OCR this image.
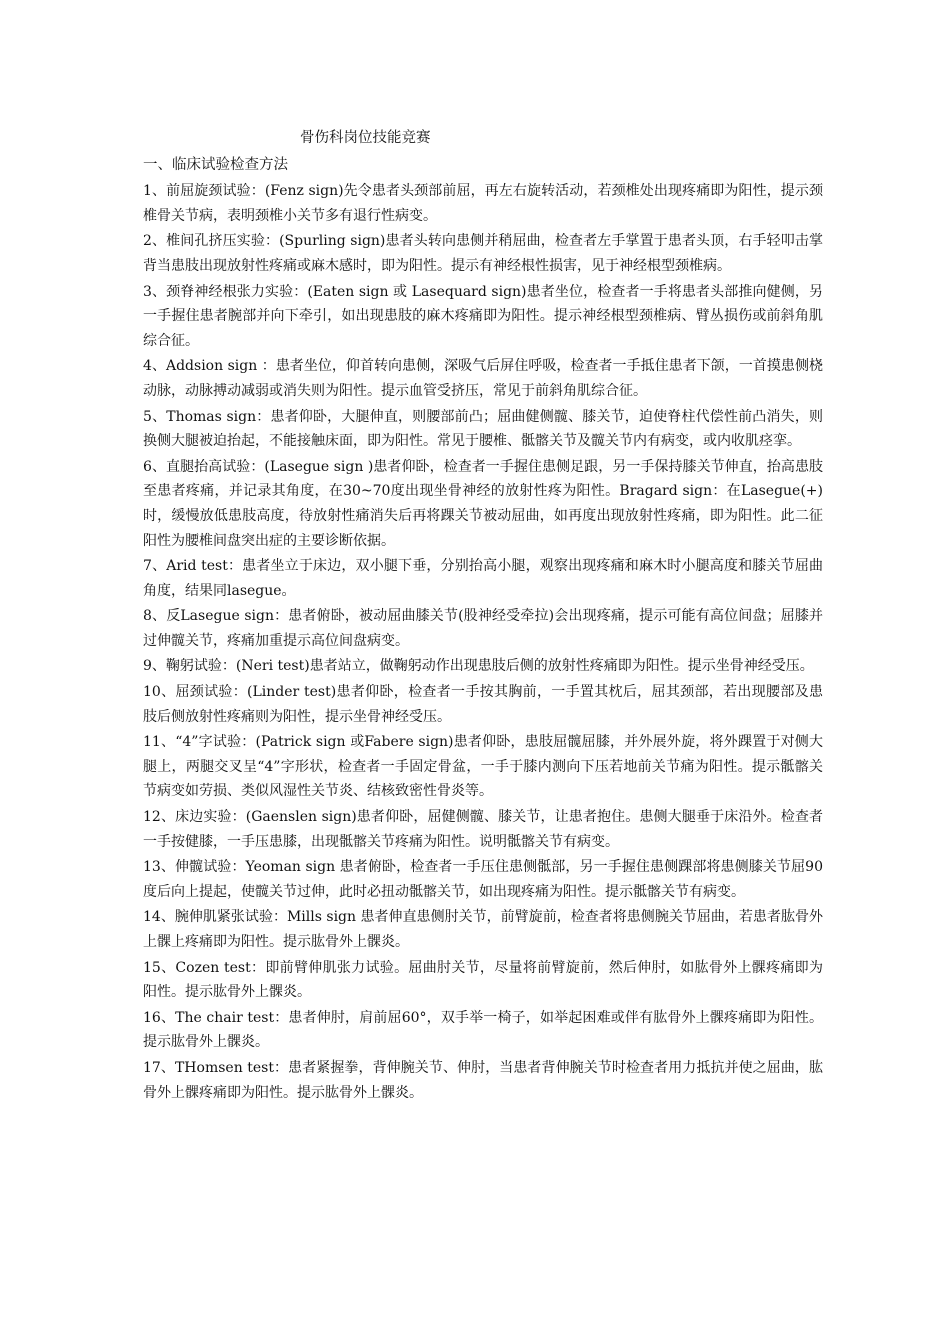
骨伤科岗位技能竞赛
一、临床试验检查方法
1、前屈旋颈试验：(Fenz sign)先令患者头颈部前屈，再左右旋转活动，若颈椎处出现疼痛即为阳性，提示颈椎骨关节病，表明颈椎小关节多有退行性病变。
2、椎间孔挤压实验：(Spurling sign)患者头转向患侧并稍屈曲，检查者左手掌置于患者头顶，右手轻叩击掌背当患肢出现放射性疼痛或麻木感时，即为阳性。提示有神经根性损害，见于神经根型颈椎病。
3、颈脊神经根张力实验：(Eaten sign 或 Lasequard sign)患者坐位，检查者一手将患者头部推向健侧，另一手握住患者腕部并向下牵引，如出现患肢的麻木疼痛即为阳性。提示神经根型颈椎病、臂丛损伤或前斜角肌综合征。
4、Addsion sign ：患者坐位，仰首转向患侧，深吸气后屏住呼吸，检查者一手抵住患者下颌，一首摸患侧桡动脉，动脉搏动减弱或消失则为阳性。提示血管受挤压，常见于前斜角肌综合征。
5、Thomas sign：患者仰卧，大腿伸直，则腰部前凸；屈曲健侧髋、膝关节，迫使脊柱代偿性前凸消失，则换侧大腿被迫抬起，不能接触床面，即为阳性。常见于腰椎、骶髂关节及髋关节内有病变，或内收肌痉挛。
6、直腿抬高试验：(Lasegue sign )患者仰卧，检查者一手握住患侧足跟，另一手保持膝关节伸直，抬高患肢至患者疼痛，并记录其角度，在30~70度出现坐骨神经的放射性疼为阳性。Bragard sign：在Lasegue(+)时，缓慢放低患肢高度，待放射性痛消失后再将踝关节被动屈曲，如再度出现放射性疼痛，即为阳性。此二征阳性为腰椎间盘突出症的主要诊断依据。
7、Arid test：患者坐立于床边，双小腿下垂，分别抬高小腿，观察出现疼痛和麻木时小腿高度和膝关节屈曲角度，结果同lasegue。
8、反Lasegue sign：患者俯卧，被动屈曲膝关节(股神经受牵拉)会出现疼痛，提示可能有高位间盘；屈膝并过伸髋关节，疼痛加重提示高位间盘病变。
9、鞠躬试验：(Neri test)患者站立，做鞠躬动作出现患肢后侧的放射性疼痛即为阳性。提示坐骨神经受压。
10、屈颈试验：(Linder test)患者仰卧，检查者一手按其胸前，一手置其枕后，屈其颈部，若出现腰部及患肢后侧放射性疼痛则为阳性，提示坐骨神经受压。
11、“4”字试验：(Patrick sign 或Fabere sign)患者仰卧，患肢屈髋屈膝，并外展外旋，将外踝置于对侧大腿上，两腿交叉呈“4”字形状，检查者一手固定骨盆，一手于膝内测向下压若地前关节痛为阳性。提示骶髂关节病变如劳损、类似风湿性关节炎、结核致密性骨炎等。
12、床边实验：(Gaenslen sign)患者仰卧，屈健侧髋、膝关节，让患者抱住。患侧大腿垂于床沿外。检查者一手按健膝，一手压患膝，出现骶髂关节疼痛为阳性。说明骶髂关节有病变。
13、伸髋试验：Yeoman sign 患者俯卧，检查者一手压住患侧骶部，另一手握住患侧踝部将患侧膝关节屈90度后向上提起，使髋关节过伸，此时必扭动骶髂关节，如出现疼痛为阳性。提示骶髂关节有病变。
14、腕伸肌紧张试验：Mills sign 患者伸直患侧肘关节，前臂旋前，检查者将患侧腕关节屈曲，若患者肱骨外上髁上疼痛即为阳性。提示肱骨外上髁炎。
15、Cozen test：即前臂伸肌张力试验。屈曲肘关节，尽量将前臂旋前，然后伸肘，如肱骨外上髁疼痛即为阳性。提示肱骨外上髁炎。
16、The chair test：患者伸肘，肩前屈60°，双手举一椅子，如举起困难或伴有肱骨外上髁疼痛即为阳性。提示肱骨外上髁炎。
17、THomsen test：患者紧握拳，背伸腕关节、伸肘，当患者背伸腕关节时检查者用力抵抗并使之屈曲，肱骨外上髁疼痛即为阳性。提示肱骨外上髁炎。
